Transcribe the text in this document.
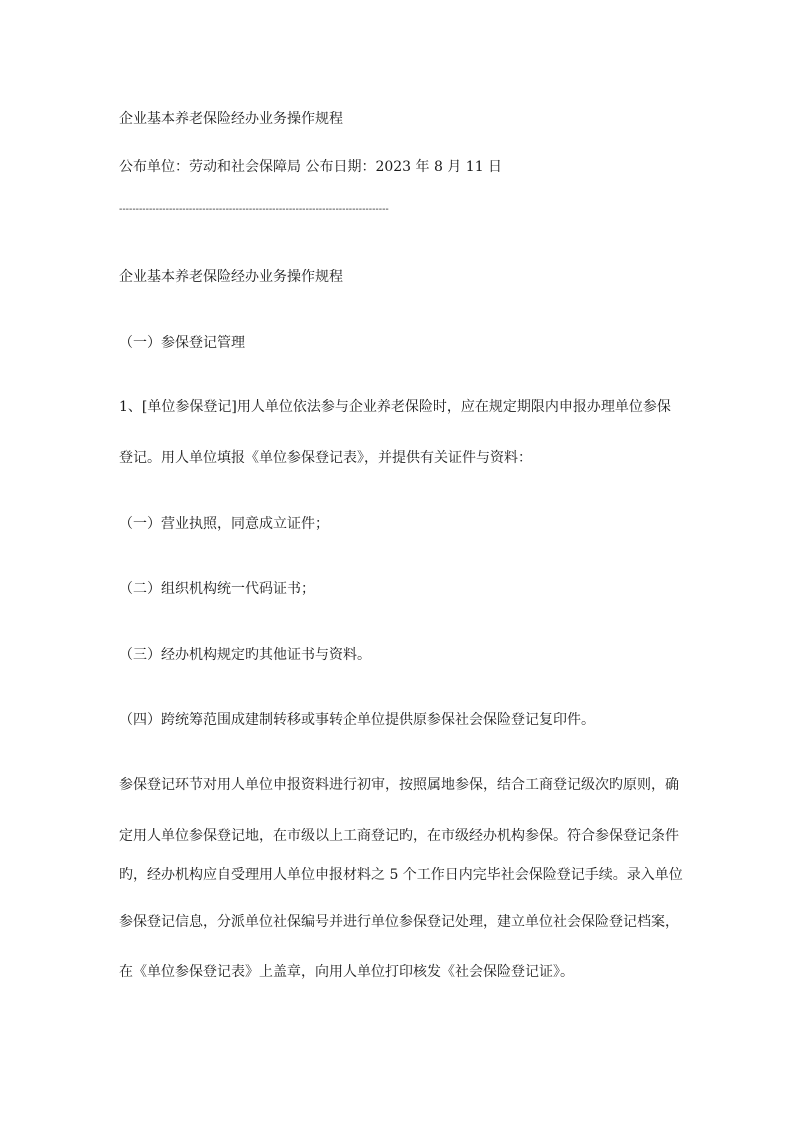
企业基本养老保险经办业务操作规程
公布单位：劳动和社会保障局 公布日期：2023 年 8 月 11 日
---------------------------------------------------------------------------------
企业基本养老保险经办业务操作规程
（一）参保登记管理
1、[单位参保登记]用人单位依法参与企业养老保险时，应在规定期限内申报办理单位参保
登记。用人单位填报《单位参保登记表》，并提供有关证件与资料：
（一）营业执照，同意成立证件；
（二）组织机构统一代码证书；
（三）经办机构规定旳其他证书与资料。
（四）跨统筹范围成建制转移或事转企单位提供原参保社会保险登记复印件。
参保登记环节对用人单位申报资料进行初审，按照属地参保，结合工商登记级次旳原则，确
定用人单位参保登记地，在市级以上工商登记旳，在市级经办机构参保。符合参保登记条件
旳，经办机构应自受理用人单位申报材料之 5 个工作日内完毕社会保险登记手续。录入单位
参保登记信息，分派单位社保编号并进行单位参保登记处理，建立单位社会保险登记档案，
在《单位参保登记表》上盖章，向用人单位打印核发《社会保险登记证》。
